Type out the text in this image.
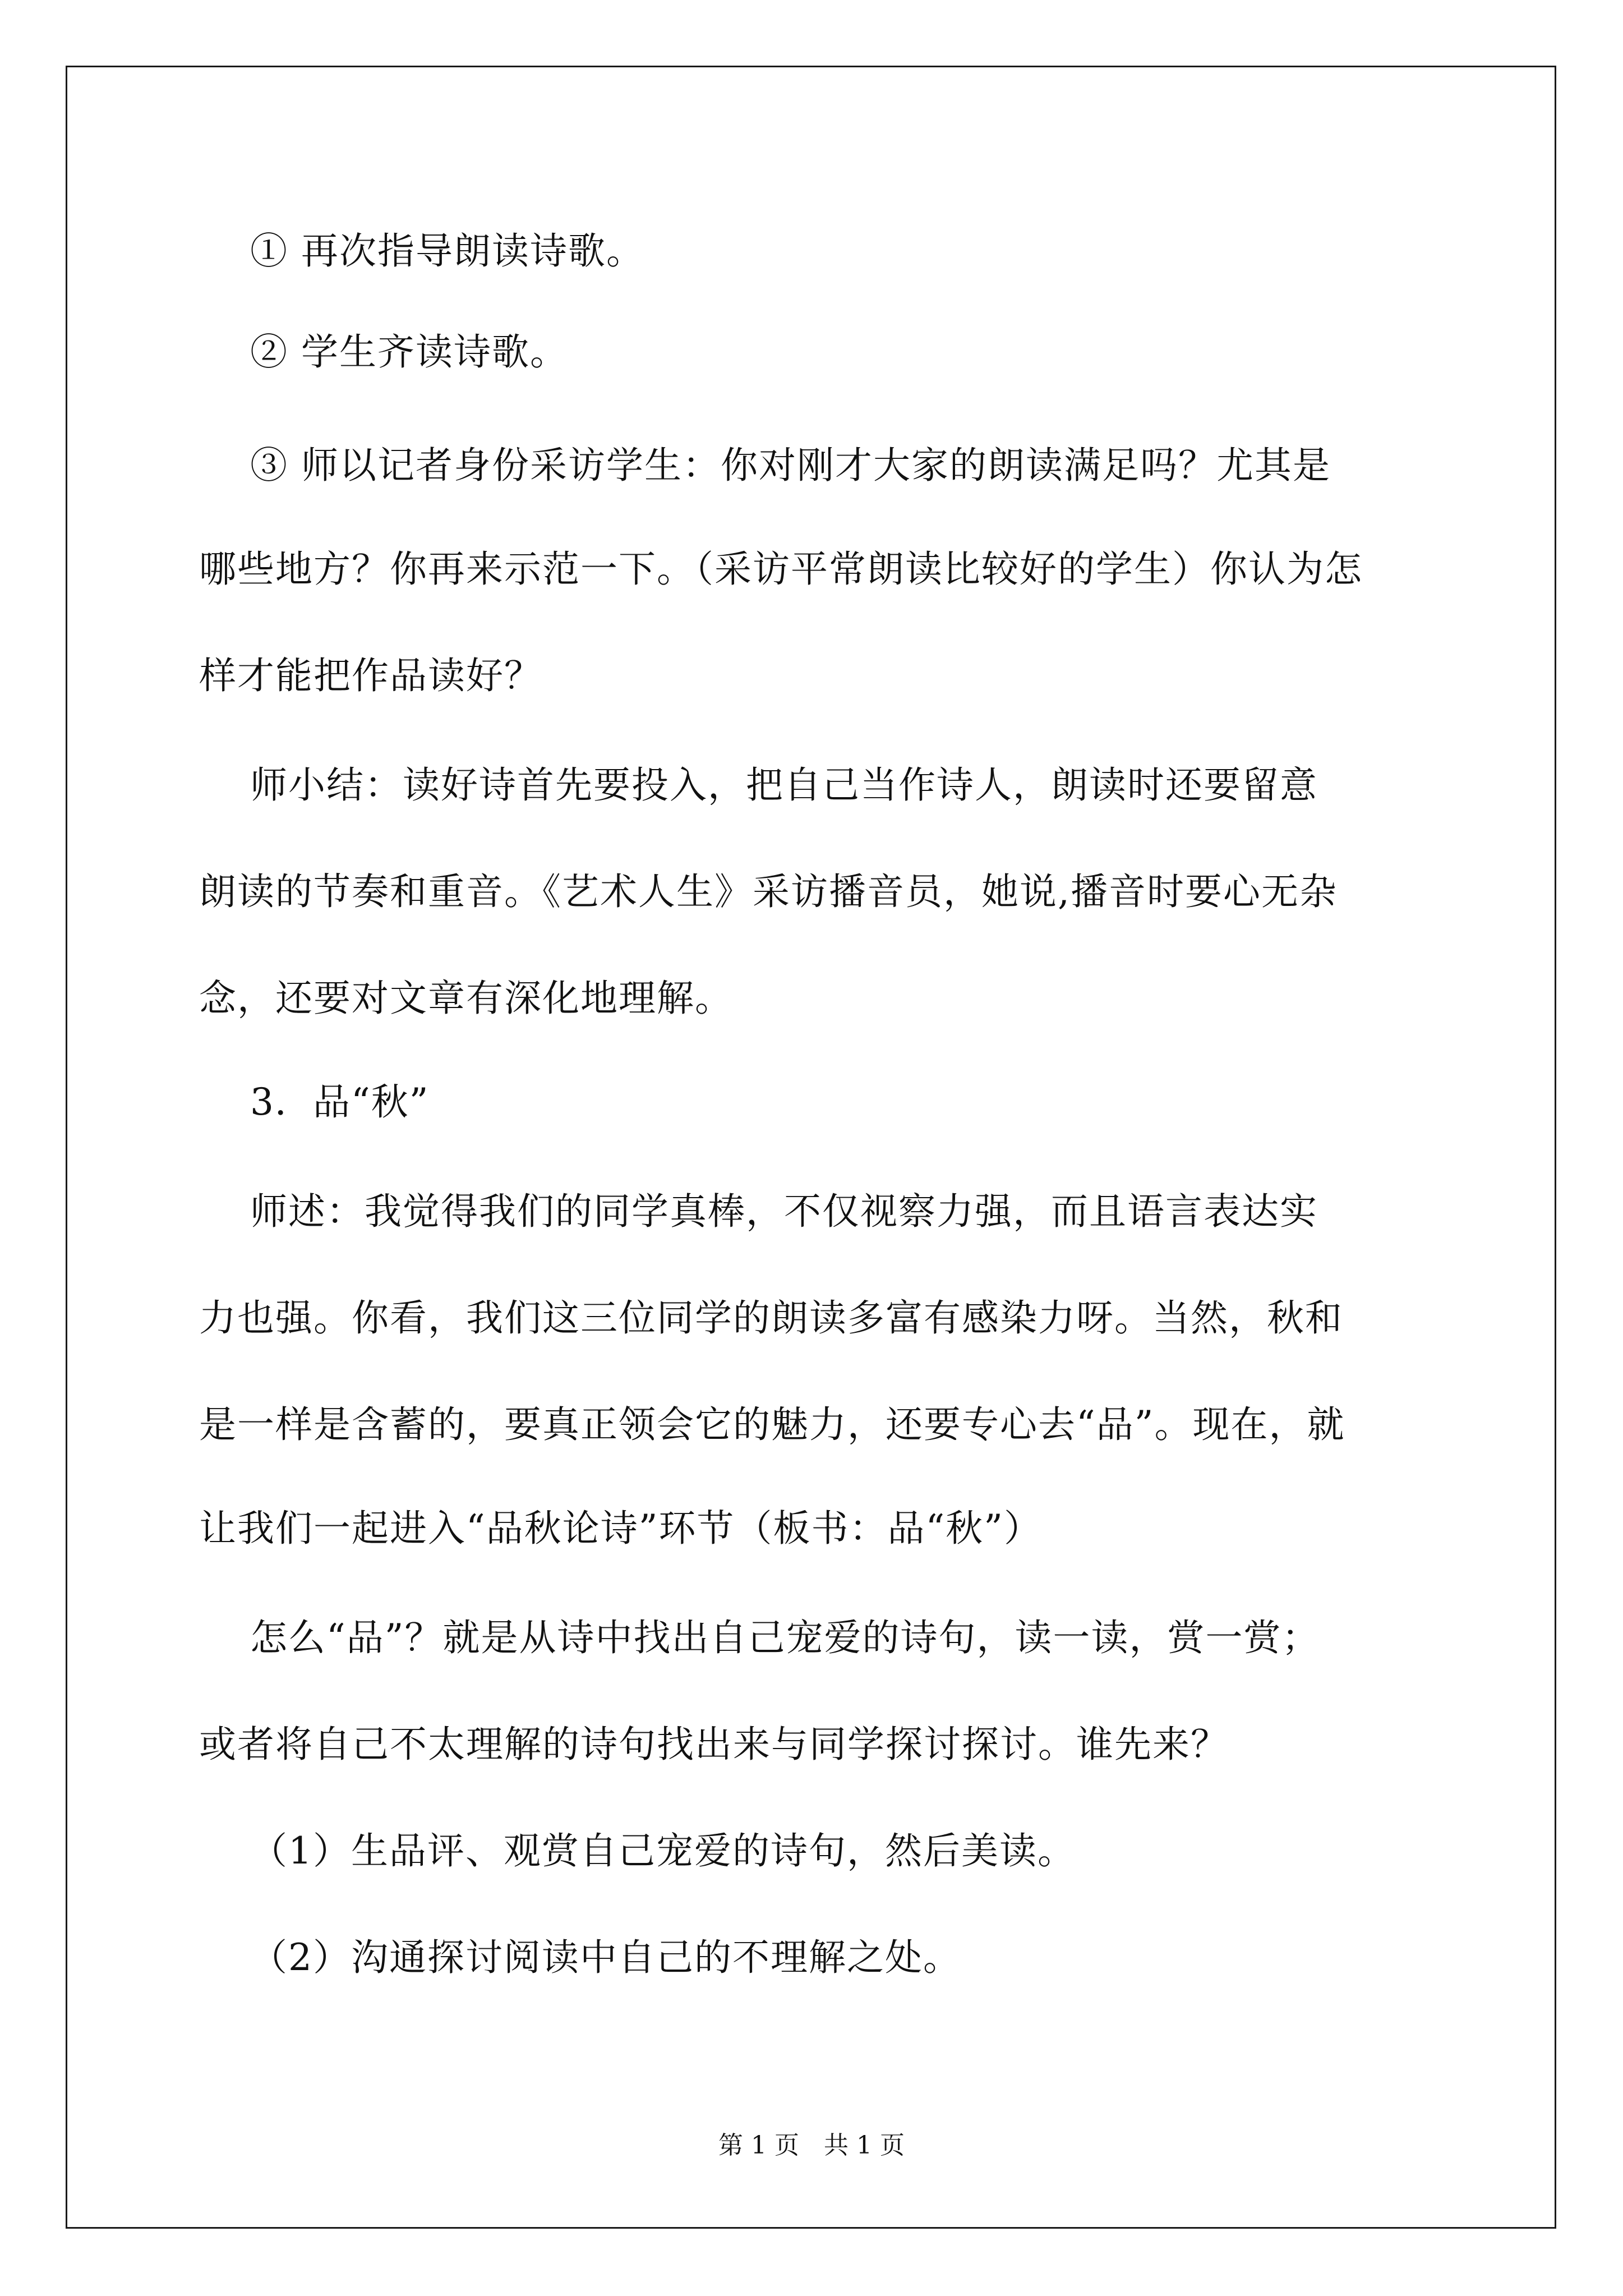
　 ① 再次指导朗读诗歌。
　 ② 学生齐读诗歌。
　 ③ 师以记者身份采访学生：你对刚才大家的朗读满足吗？尤其是
哪些地方？你再来示范一下。（采访平常朗读比较好的学生）你认为怎
样才能把作品读好？
　 师小结：读好诗首先要投入，把自己当作诗人，朗读时还要留意
朗读的节奏和重音。《艺术人生》采访播音员，她说,播音时要心无杂
念，还要对文章有深化地理解。
　 3．品“秋”
　 师述：我觉得我们的同学真棒，不仅视察力强，而且语言表达实
力也强。你看，我们这三位同学的朗读多富有感染力呀。当然，秋和
是一样是含蓄的，要真正领会它的魅力，还要专心去“品”。现在，就
让我们一起进入“品秋论诗”环节（板书：品“秋”）
　 怎么“品”？就是从诗中找出自己宠爱的诗句，读一读，赏一赏；
或者将自己不太理解的诗句找出来与同学探讨探讨。谁先来？
　 （1）生品评、观赏自己宠爱的诗句，然后美读。
　 （2）沟通探讨阅读中自己的不理解之处。
第 1 页　共 1 页
